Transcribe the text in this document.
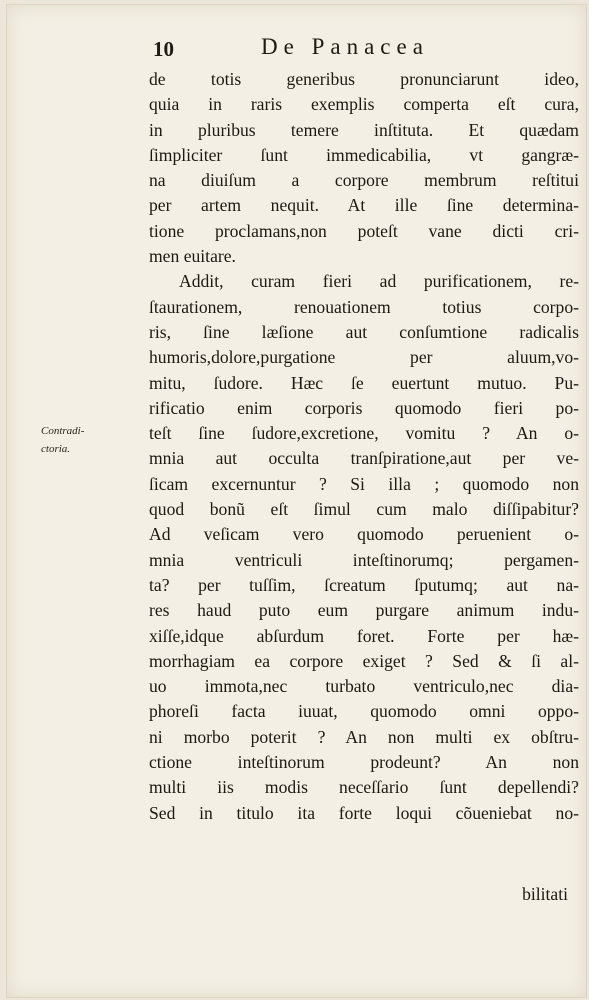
10	De Panacea

Contradi-
ctoria.
de totis generibus pronunciarunt ideo,
quia in raris exemplis comperta eſt cura,
in pluribus temere inſtituta. Et quædam
ſimpliciter ſunt immedicabilia, vt gangræ-
na diuiſum a corpore membrum reſtitui
per artem nequit. At ille ſine determina-
tione proclamans,non poteſt vane dicti cri-
men euitare.
Addit, curam fieri ad purificationem, re-
ſtaurationem, renouationem totius corpo-
ris, ſine læſione aut conſumtione radicalis
humoris,dolore,purgatione per aluum,vo-
mitu, ſudore. Hæc ſe euertunt mutuo. Pu-
rificatio enim corporis quomodo fieri po-
teſt ſine ſudore,excretione, vomitu ? An o-
mnia aut occulta tranſpiratione,aut per ve-
ſicam excernuntur ? Si illa ; quomodo non
quod bonũ eſt ſimul cum malo diſſipabitur?
Ad veſicam vero quomodo peruenient o-
mnia ventriculi inteſtinorumq; pergamen-
ta? per tuſſim, ſcreatum ſputumq; aut na-
res haud puto eum purgare animum indu-
xiſſe,idque abſurdum foret. Forte per hæ-
morrhagiam ea corpore exiget ? Sed & ſi al-
uo immota,nec turbato ventriculo,nec dia-
phoreſi facta iuuat, quomodo omni oppo-
ni morbo poterit ? An non multi ex obſtru-
ctione inteſtinorum prodeunt? An non
multi iis modis neceſſario ſunt depellendi?
Sed in titulo ita forte loqui cõueniebat no-
bilitati
